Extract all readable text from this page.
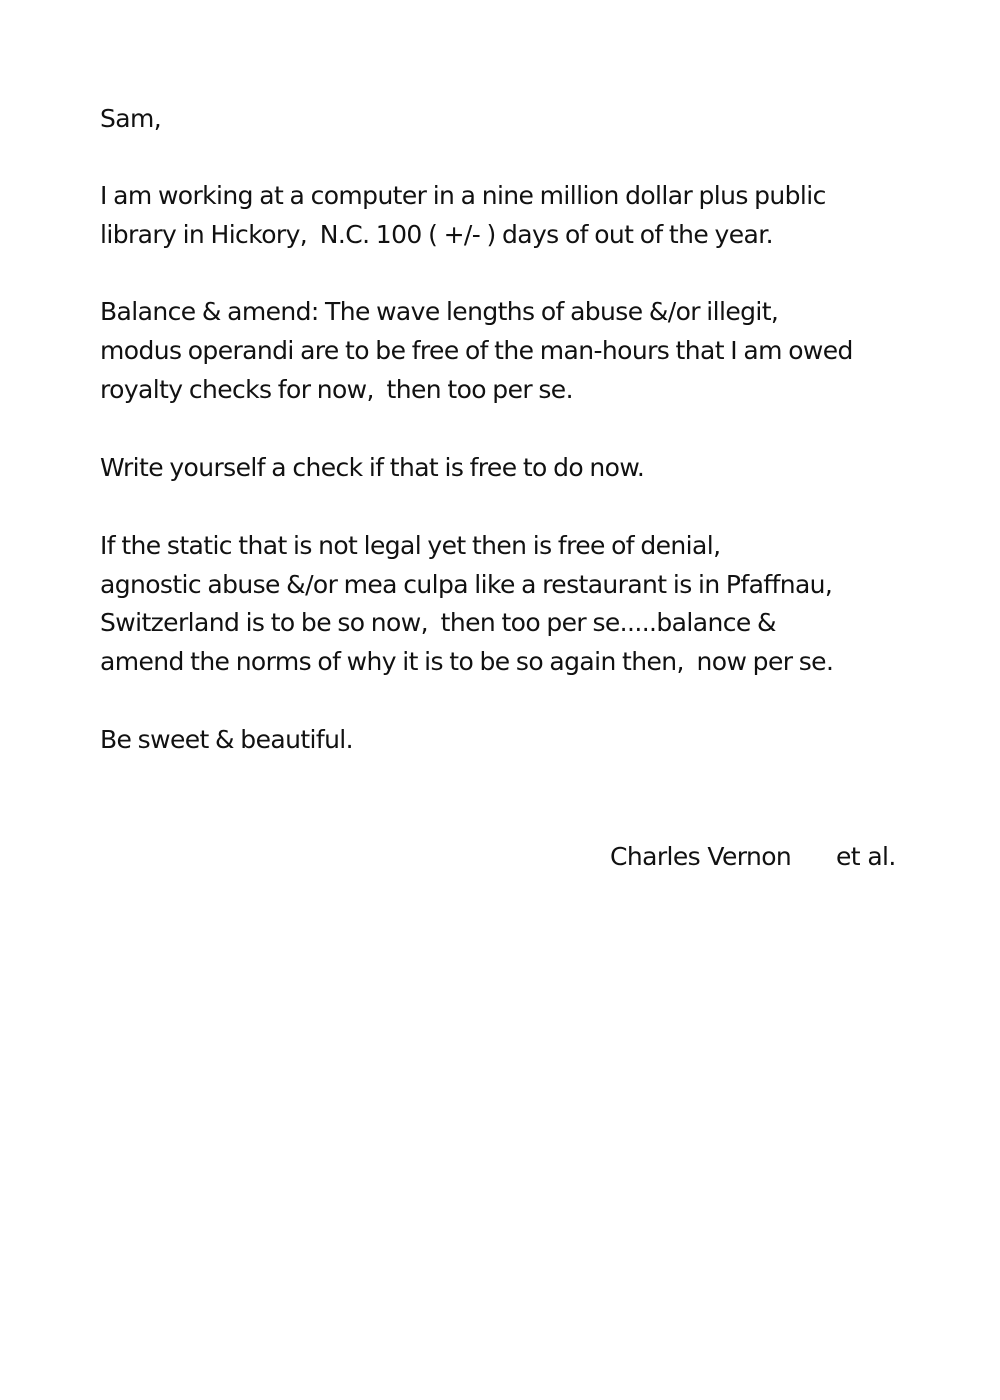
Sam,
I am working at a computer in a nine million dollar plus public
library in Hickory,  N.C. 100 ( +/- ) days of out of the year.
Balance & amend: The wave lengths of abuse &/or illegit,
modus operandi are to be free of the man-hours that I am owed
royalty checks for now,  then too per se.
Write yourself a check if that is free to do now.
If the static that is not legal yet then is free of denial,
agnostic abuse &/or mea culpa like a restaurant is in Pfaffnau,
Switzerland is to be so now,  then too per se.....balance &
amend the norms of why it is to be so again then,  now per se.
Be sweet & beautiful.
Charles Vernon et al.
